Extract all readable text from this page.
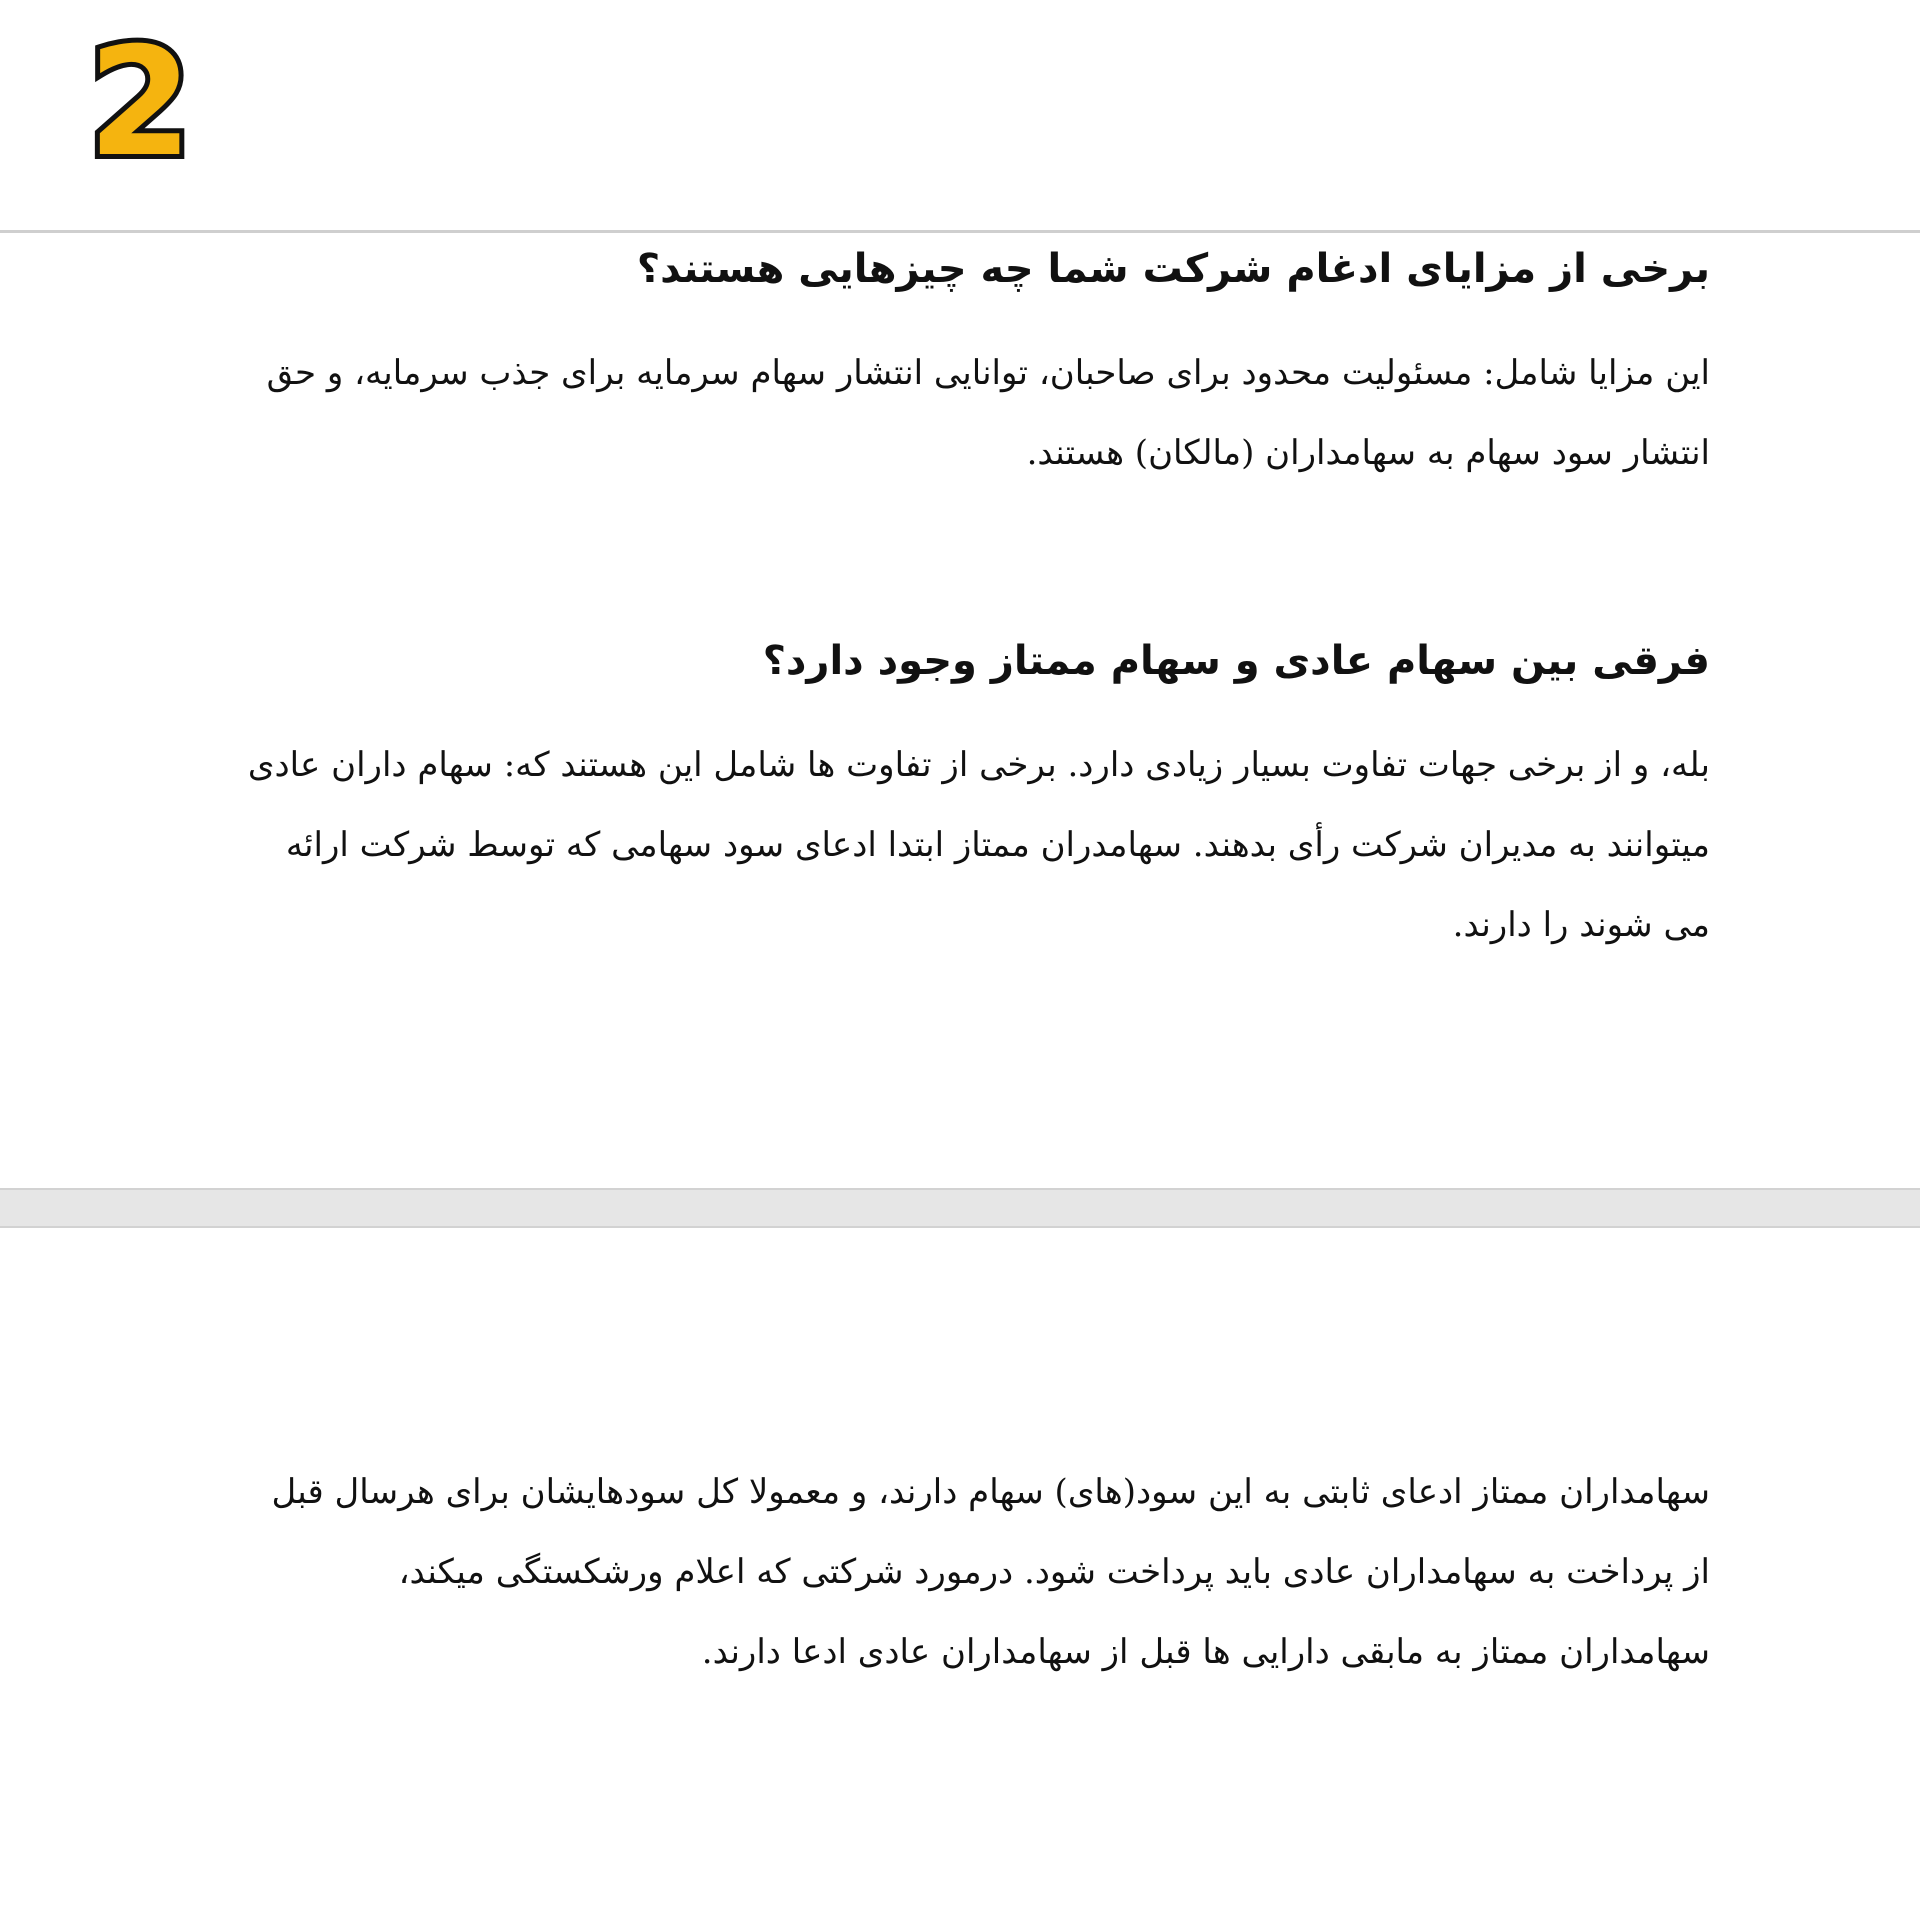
2
برخی از مزایای ادغام شرکت شما چه چیزهایی هستند؟

این مزایا شامل: مسئولیت محدود برای صاحبان، توانایی انتشار سهام سرمایه برای جذب سرمایه، و حق انتشار سود سهام به سهامداران (مالکان) هستند.

فرقی بین سهام عادی و سهام ممتاز وجود دارد؟

بله، و از برخی جهات تفاوت بسیار زیادی دارد. برخی از تفاوت ها شامل این هستند که: سهام داران عادی میتوانند به مدیران شرکت رأی بدهند. سهامدران ممتاز ابتدا ادعای سود سهامی که توسط شرکت ارائه می شوند را دارند.

سهامداران ممتاز ادعای ثابتی به این سود(های) سهام دارند، و معمولا کل سودهایشان برای هرسال قبل از پرداخت به سهامداران عادی باید پرداخت شود. درمورد شرکتی که اعلام ورشکستگی میکند، سهامداران ممتاز به مابقی دارایی ها قبل از سهامداران عادی ادعا دارند.
